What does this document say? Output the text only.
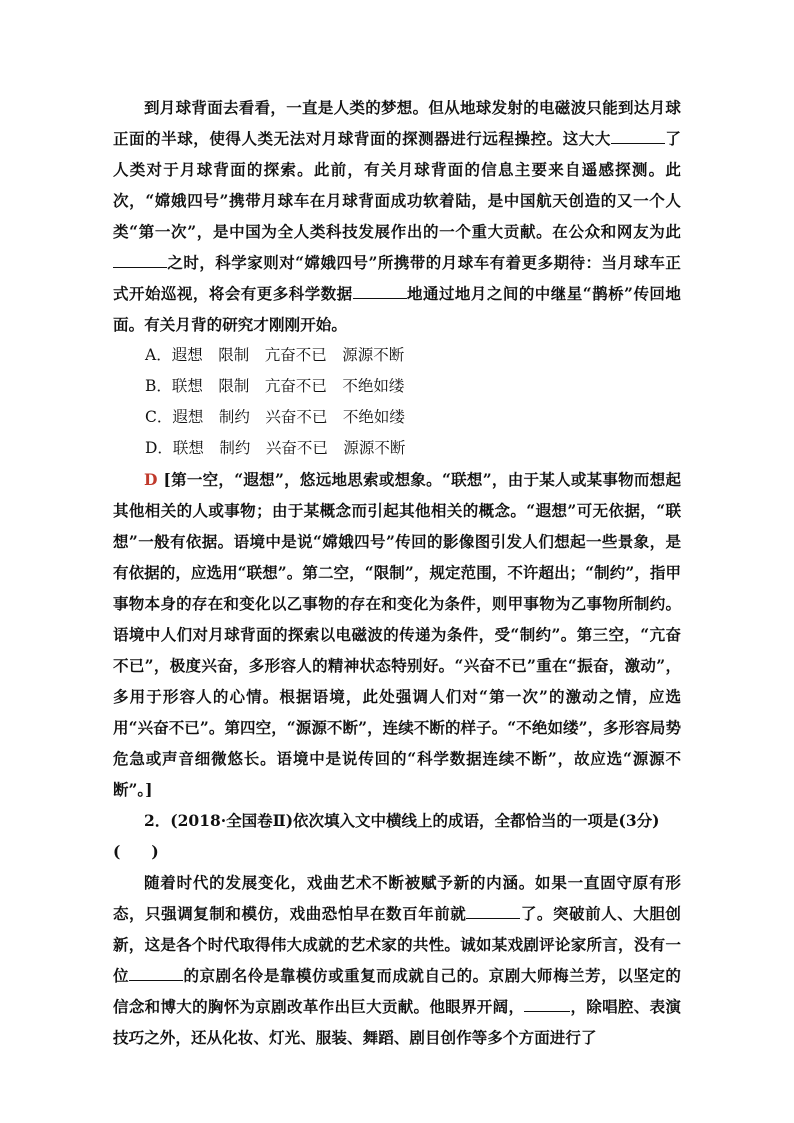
到月球背面去看看，一直是人类的梦想。但从地球发射的电磁波只能到达月球正面的半球，使得人类无法对月球背面的探测器进行远程操控。这大大	了人类对于月球背面的探索。此前，有关月球背面的信息主要来自遥感探测。此次，“嫦娥四号”携带月球车在月球背面成功软着陆，是中国航天创造的又一个人类“第一次”，是中国为全人类科技发展作出的一个重大贡献。在公众和网友为此之时，科学家则对“嫦娥四号”所携带的月球车有着更多期待：当月球车正式开始巡视，将会有更多科学数据	地通过地月之间的中继星“鹊桥”传回地面。有关月背的研究才刚刚开始。

A．遐想　限制　亢奋不已　源源不断
B．联想　限制　亢奋不已　不绝如缕
C．遐想　制约　兴奋不已　不绝如缕
D．联想　制约　兴奋不已　源源不断

D [第一空，“遐想”，悠远地思索或想象。“联想”，由于某人或某事物而想起其他相关的人或事物；由于某概念而引起其他相关的概念。“遐想”可无依据，“联想”一般有依据。语境中是说“嫦娥四号”传回的影像图引发人们想起一些景象，是有依据的，应选用“联想”。第二空，“限制”，规定范围，不许超出；“制约”，指甲事物本身的存在和变化以乙事物的存在和变化为条件，则甲事物为乙事物所制约。语境中人们对月球背面的探索以电磁波的传递为条件，受“制约”。第三空，“亢奋不已”，极度兴奋，多形容人的精神状态特别好。“兴奋不已”重在“振奋，激动”，多用于形容人的心情。根据语境，此处强调人们对“第一次”的激动之情，应选用“兴奋不已”。第四空，“源源不断”，连续不断的样子。“不绝如缕”，多形容局势危急或声音细微悠长。语境中是说传回的“科学数据连续不断”，故应选“源源不断”。]

2．(2018·全国卷Ⅱ)依次填入文中横线上的成语，全都恰当的一项是(3分)(　　)

随着时代的发展变化，戏曲艺术不断被赋予新的内涵。如果一直固守原有形态，只强调复制和模仿，戏曲恐怕早在数百年前就	了。突破前人、大胆创新，这是各个时代取得伟大成就的艺术家的共性。诚如某戏剧评论家所言，没有一位	的京剧名伶是靠模仿或重复而成就自己的。京剧大师梅兰芳，以坚定的信念和博大的胸怀为京剧改革作出巨大贡献。他眼界开阔，	，除唱腔、表演技巧之外，还从化妆、灯光、服装、舞蹈、剧目创作等多个方面进行了
